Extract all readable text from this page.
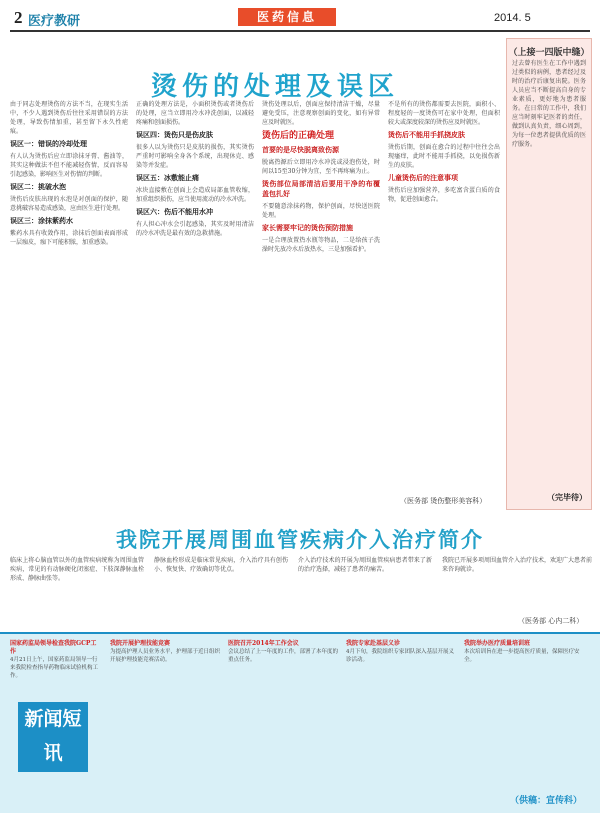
2 医疗教研	医药信息	2014. 5
烫伤的处理及误区

由于同志处理烫伤的方法不当，在现实生活中，不少人遇到烫伤后往往采用错误的方法处理，导致伤情加重，甚至留下永久性疤痕。

误区一：错误的冷却处理

有人认为烫伤后应立即涂抹牙膏、酱油等，其实这种做法不但不能减轻伤情，反而容易引起感染，影响医生对伤情的判断。

误区二：挑破水泡

烫伤后皮肤出现的水泡是对创面的保护，随意挑破容易造成感染，应由医生进行处理。

误区三：涂抹紫药水

紫药水具有收敛作用，涂抹后创面表面形成一层痂皮，痂下可能积脓，加重感染。

正确的处理方法是，小面积烫伤或者烫伤后的处理，应当立即用冷水冲洗创面，以减轻疼痛和创面损伤。

误区四：烫伤只是伤皮肤

很多人以为烫伤只是皮肤的损伤，其实烫伤严重时可影响全身各个系统，出现休克、感染等并发症。

误区五：冰敷能止痛

冰块直接敷在创面上会造成局部血管收缩，加重组织损伤，应当使用流动的冷水冲洗。

误区六：伤后不能用水冲

有人担心冲水会引起感染，其实及时用清洁的冷水冲洗是最有效的急救措施。

烫伤处理以后，创面应保持清洁干燥，尽量避免受压，注意观察创面的变化，如有异常应及时就医。

烫伤后的正确处理

首要的是尽快脱离致伤源

脱离热源后立即用冷水冲洗或浸泡伤处，时间以15至30分钟为宜，至不再疼痛为止。

烫伤部位局部清洁后要用干净的布覆盖包扎好

不要随意涂抹药物，保护创面，尽快送医院处理。

家长需要牢记的烫伤预防措施

一是合理放置热水瓶等物品，二是给孩子洗澡时先放冷水后放热水，三是加强看护。

不是所有的烫伤都需要去医院，面积小、程度轻的一度烫伤可在家中处理，但面积较大或深度较深的烫伤应及时就医。

烫伤后不能用手抓挠皮肤

烫伤后期，创面在愈合的过程中往往会出现瘙痒，此时不能用手抓挠，以免损伤新生的皮肤。

儿童烫伤后的注意事项

烫伤后应加强营养，多吃富含蛋白质的食物，促进创面愈合。

（医务部 烫伤整形美容科）
（上接一四版中缝）
过去曾有医生在工作中遇到过类似的病例，患者经过及时的治疗后康复出院。医务人员应当不断提高自身的专业素质，更好地为患者服务。在日常的工作中，我们应当时刻牢记医者的责任，做到认真负责，细心周到，为每一位患者提供优质的医疗服务。
（完毕待）
我院开展周围血管疾病介入治疗简介
临床上将心脑血管以外的血管疾病统称为周围血管疾病，常见的有动脉硬化闭塞症、下肢深静脉血栓形成、静脉曲张等。
静脉血栓形成是临床常见疾病，介入治疗具有创伤小、恢复快、疗效确切等优点。
介入治疗技术的开展为周围血管疾病患者带来了新的治疗选择，减轻了患者的痛苦。
我院已开展多项周围血管介入治疗技术，欢迎广大患者前来咨询就诊。
（医务部 心内二科）
新闻短讯
国家药监局领导检查我院GCP工作
4月21日上午，国家药监局领导一行来我院检查指导药物临床试验机构工作。
我院开展护理技能竞赛
为提高护理人员业务水平，护理部于近日组织开展护理技能竞赛活动。
医院召开2014年工作会议
会议总结了上一年度的工作，部署了本年度的重点任务。
我院专家赴基层义诊
4月下旬，我院组织专家团队深入基层开展义诊活动。
我院举办医疗质量培训班
本次培训旨在进一步提高医疗质量，保障医疗安全。
（供稿：宣传科）
